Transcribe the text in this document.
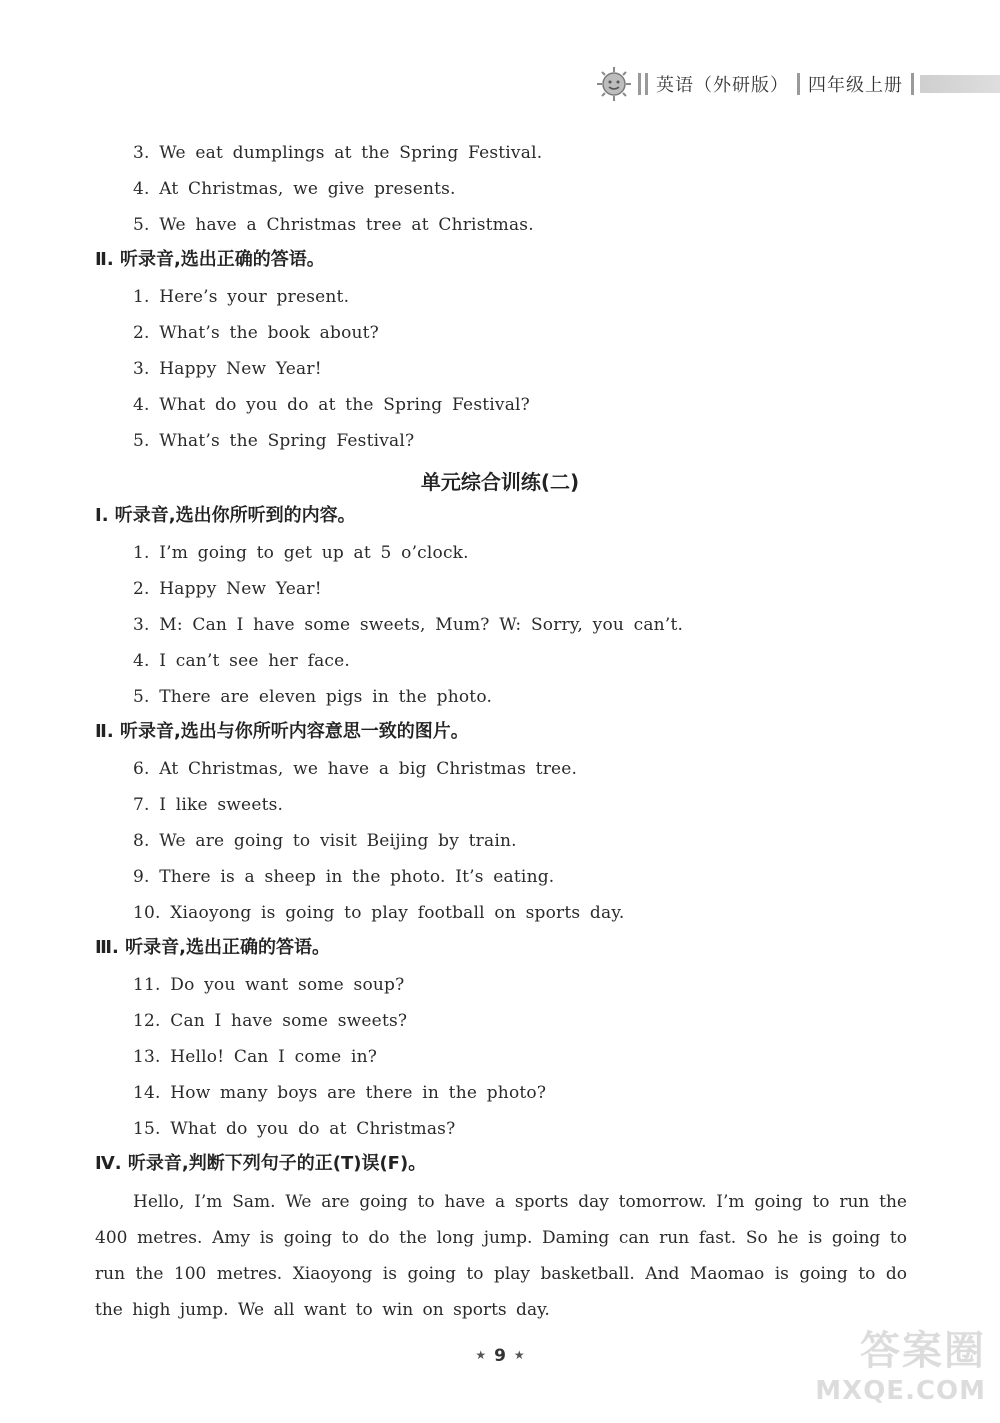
英语（外研版） 四年级上册
3. We eat dumplings at the Spring Festival.
4. At Christmas, we give presents.
5. We have a Christmas tree at Christmas.
Ⅱ. 听录音,选出正确的答语。
1. Here’s your present.
2. What’s the book about?
3. Happy New Year!
4. What do you do at the Spring Festival?
5. What’s the Spring Festival?
单元综合训练(二)
Ⅰ. 听录音,选出你所听到的内容。
1. I’m going to get up at 5 o’clock.
2. Happy New Year!
3. M: Can I have some sweets, Mum? W: Sorry, you can’t.
4. I can’t see her face.
5. There are eleven pigs in the photo.
Ⅱ. 听录音,选出与你所听内容意思一致的图片。
6. At Christmas, we have a big Christmas tree.
7. I like sweets.
8. We are going to visit Beijing by train.
9. There is a sheep in the photo. It’s eating.
10. Xiaoyong is going to play football on sports day.
Ⅲ. 听录音,选出正确的答语。
11. Do you want some soup?
12. Can I have some sweets?
13. Hello! Can I come in?
14. How many boys are there in the photo?
15. What do you do at Christmas?
Ⅳ. 听录音,判断下列句子的正(T)误(F)。
Hello, I’m Sam. We are going to have a sports day tomorrow. I’m going to run the 400 metres. Amy is going to do the long jump. Daming can run fast. So he is going to run the 100 metres. Xiaoyong is going to play basketball. And Maomao is going to do the high jump. We all want to win on sports day.
★ 9 ★	答案圈
MXQE.COM
